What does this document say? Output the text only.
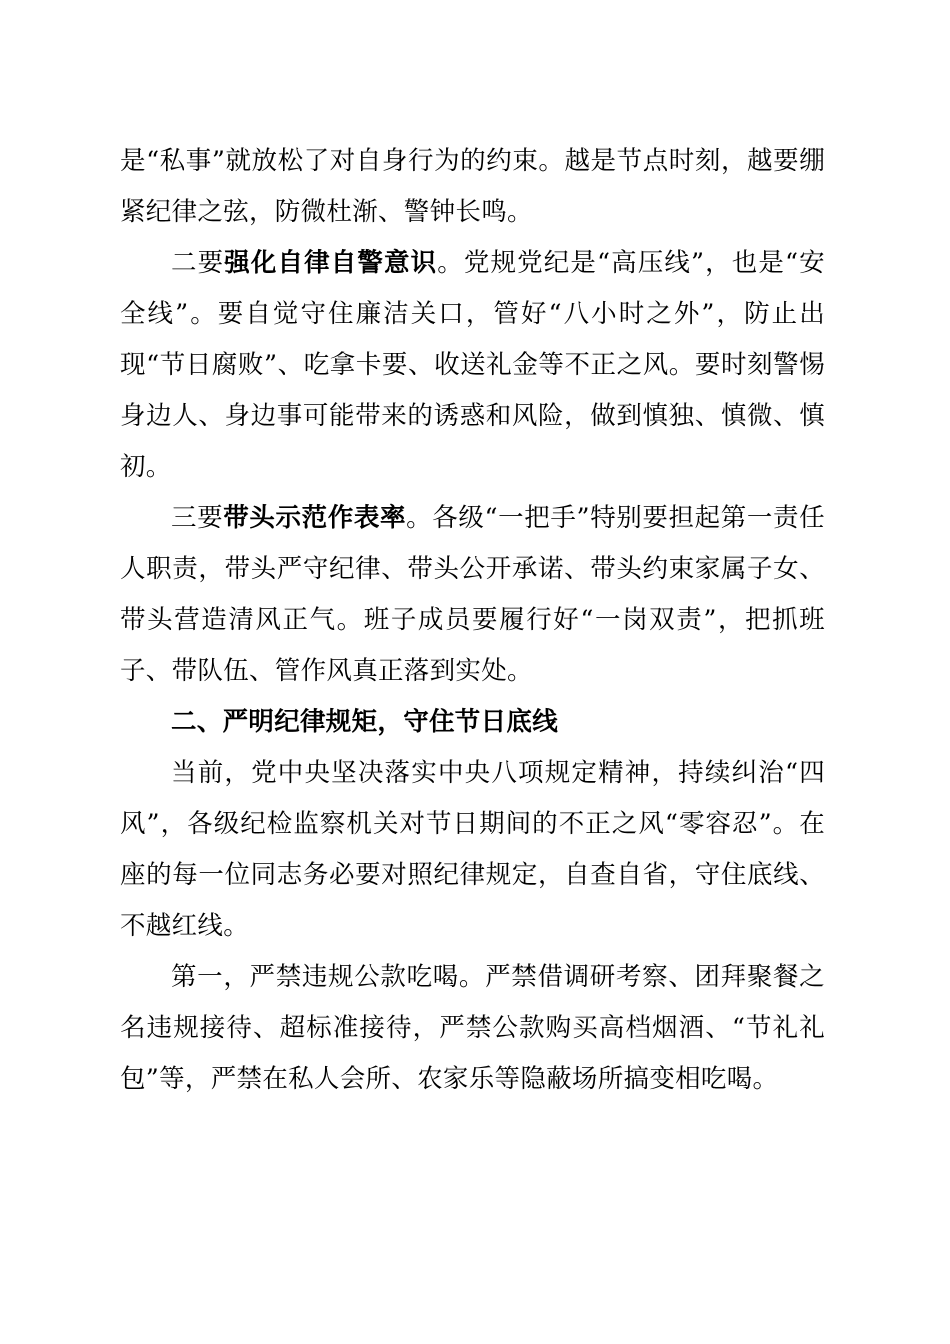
是“私事”就放松了对自身行为的约束。越是节点时刻，越要绷紧纪律之弦，防微杜渐、警钟长鸣。

二要强化自律自警意识。党规党纪是“高压线”，也是“安全线”。要自觉守住廉洁关口，管好“八小时之外”，防止出现“节日腐败”、吃拿卡要、收送礼金等不正之风。要时刻警惕身边人、身边事可能带来的诱惑和风险，做到慎独、慎微、慎初。

三要带头示范作表率。各级“一把手”特别要担起第一责任人职责，带头严守纪律、带头公开承诺、带头约束家属子女、带头营造清风正气。班子成员要履行好“一岗双责”，把抓班子、带队伍、管作风真正落到实处。

二、严明纪律规矩，守住节日底线

当前，党中央坚决落实中央八项规定精神，持续纠治“四风”，各级纪检监察机关对节日期间的不正之风“零容忍”。在座的每一位同志务必要对照纪律规定，自查自省，守住底线、不越红线。

第一，严禁违规公款吃喝。严禁借调研考察、团拜聚餐之名违规接待、超标准接待，严禁公款购买高档烟酒、“节礼礼包”等，严禁在私人会所、农家乐等隐蔽场所搞变相吃喝。
